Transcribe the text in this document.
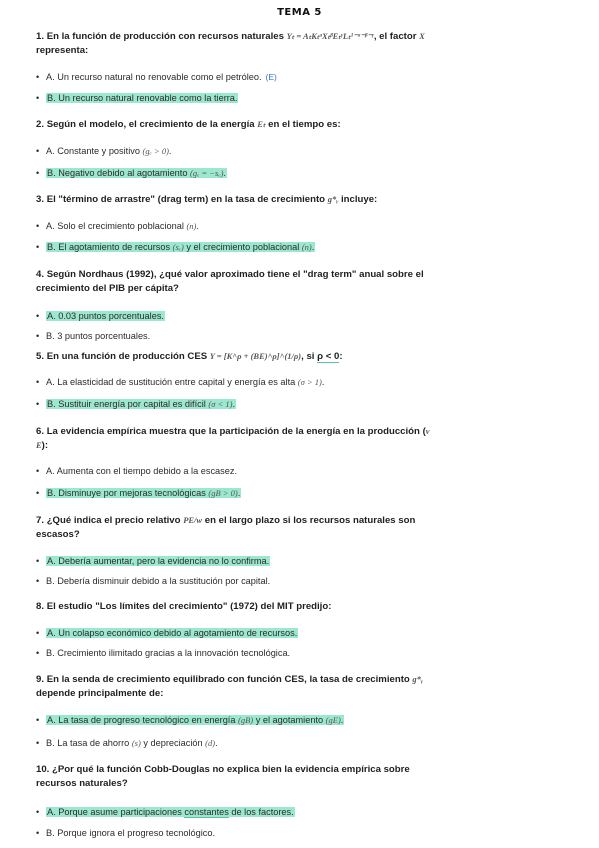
TEMA 5
1. En la función de producción con recursos naturales Yₜ = AₜKₜᵅXₜᵝEₜᵞLₜ¹⁻ᵅ⁻ᵝ⁻ᵞ, el factor X
representa:
• A. Un recurso natural no renovable como el petróleo. (E)
• B. Un recurso natural renovable como la tierra.
2. Según el modelo, el crecimiento de la energía Eₜ en el tiempo es:
• A. Constante y positivo (gₑ > 0).
• B. Negativo debido al agotamiento (gₑ = −sₑ).
3. El "término de arrastre" (drag term) en la tasa de crecimiento g*ᵧ incluye:
• A. Solo el crecimiento poblacional (n).
• B. El agotamiento de recursos (sₑ) y el crecimiento poblacional (n).
4. Según Nordhaus (1992), ¿qué valor aproximado tiene el "drag term" anual sobre el
crecimiento del PIB per cápita?
• A. 0.03 puntos porcentuales.
• B. 3 puntos porcentuales.
5. En una función de producción CES Y = [K^ρ + (BE)^ρ]^(1/ρ), si ρ < 0:
• A. La elasticidad de sustitución entre capital y energía es alta (σ > 1).
• B. Sustituir energía por capital es difícil (σ < 1).
6. La evidencia empírica muestra que la participación de la energía en la producción (v
E):
• A. Aumenta con el tiempo debido a la escasez.
• B. Disminuye por mejoras tecnológicas (gB > 0).
7. ¿Qué indica el precio relativo PE/w en el largo plazo si los recursos naturales son
escasos?
• A. Debería aumentar, pero la evidencia no lo confirma.
• B. Debería disminuir debido a la sustitución por capital.
8. El estudio "Los límites del crecimiento" (1972) del MIT predijo:
• A. Un colapso económico debido al agotamiento de recursos.
• B. Crecimiento ilimitado gracias a la innovación tecnológica.
9. En la senda de crecimiento equilibrado con función CES, la tasa de crecimiento g*ᵧ
depende principalmente de:
• A. La tasa de progreso tecnológico en energía (gB) y el agotamiento (gE).
• B. La tasa de ahorro (s) y depreciación (d).
10. ¿Por qué la función Cobb-Douglas no explica bien la evidencia empírica sobre
recursos naturales?
• A. Porque asume participaciones constantes de los factores.
• B. Porque ignora el progreso tecnológico.
